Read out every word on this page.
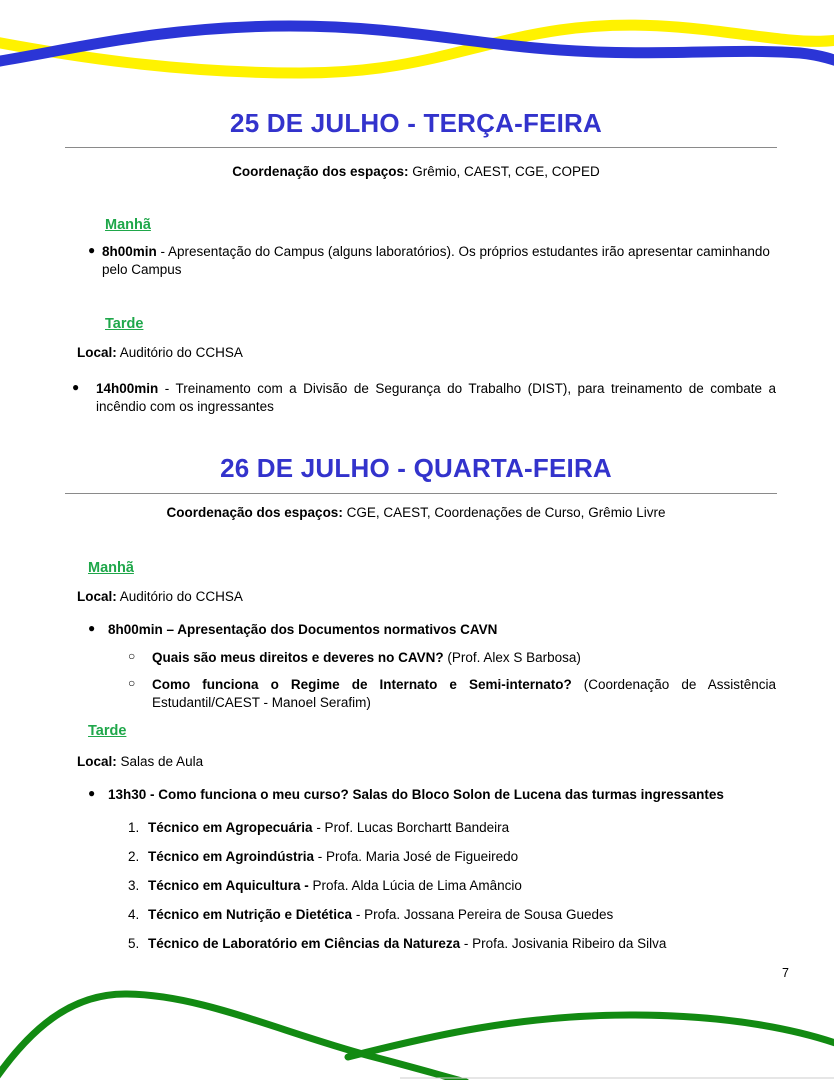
25 DE JULHO - TERÇA-FEIRA
Coordenação dos espaços: Grêmio, CAEST, CGE, COPED
Manhã
● 8h00min - Apresentação do Campus (alguns laboratórios). Os próprios estudantes irão apresentar caminhando pelo Campus
Tarde
Local: Auditório do CCHSA
●	14h00min - Treinamento com a Divisão de Segurança do Trabalho (DIST), para treinamento de combate a incêndio com os ingressantes
26 DE JULHO - QUARTA-FEIRA
Coordenação dos espaços: CGE, CAEST, Coordenações de Curso, Grêmio Livre
Manhã
Local: Auditório do CCHSA
● 8h00min – Apresentação dos Documentos normativos CAVN
○	Quais são meus direitos e deveres no CAVN? (Prof. Alex S Barbosa)
○	Como funciona o Regime de Internato e Semi-internato? (Coordenação de Assistência Estudantil/CAEST - Manoel Serafim)
Tarde
Local: Salas de Aula
● 13h30 - Como funciona o meu curso? Salas do Bloco Solon de Lucena das turmas ingressantes
1. Técnico em Agropecuária - Prof. Lucas Borchartt Bandeira
2. Técnico em Agroindústria - Profa. Maria José de Figueiredo
3. Técnico em Aquicultura - Profa. Alda Lúcia de Lima Amâncio
4. Técnico em Nutrição e Dietética - Profa. Jossana Pereira de Sousa Guedes
5. Técnico de Laboratório em Ciências da Natureza - Profa. Josivania Ribeiro da Silva
7
